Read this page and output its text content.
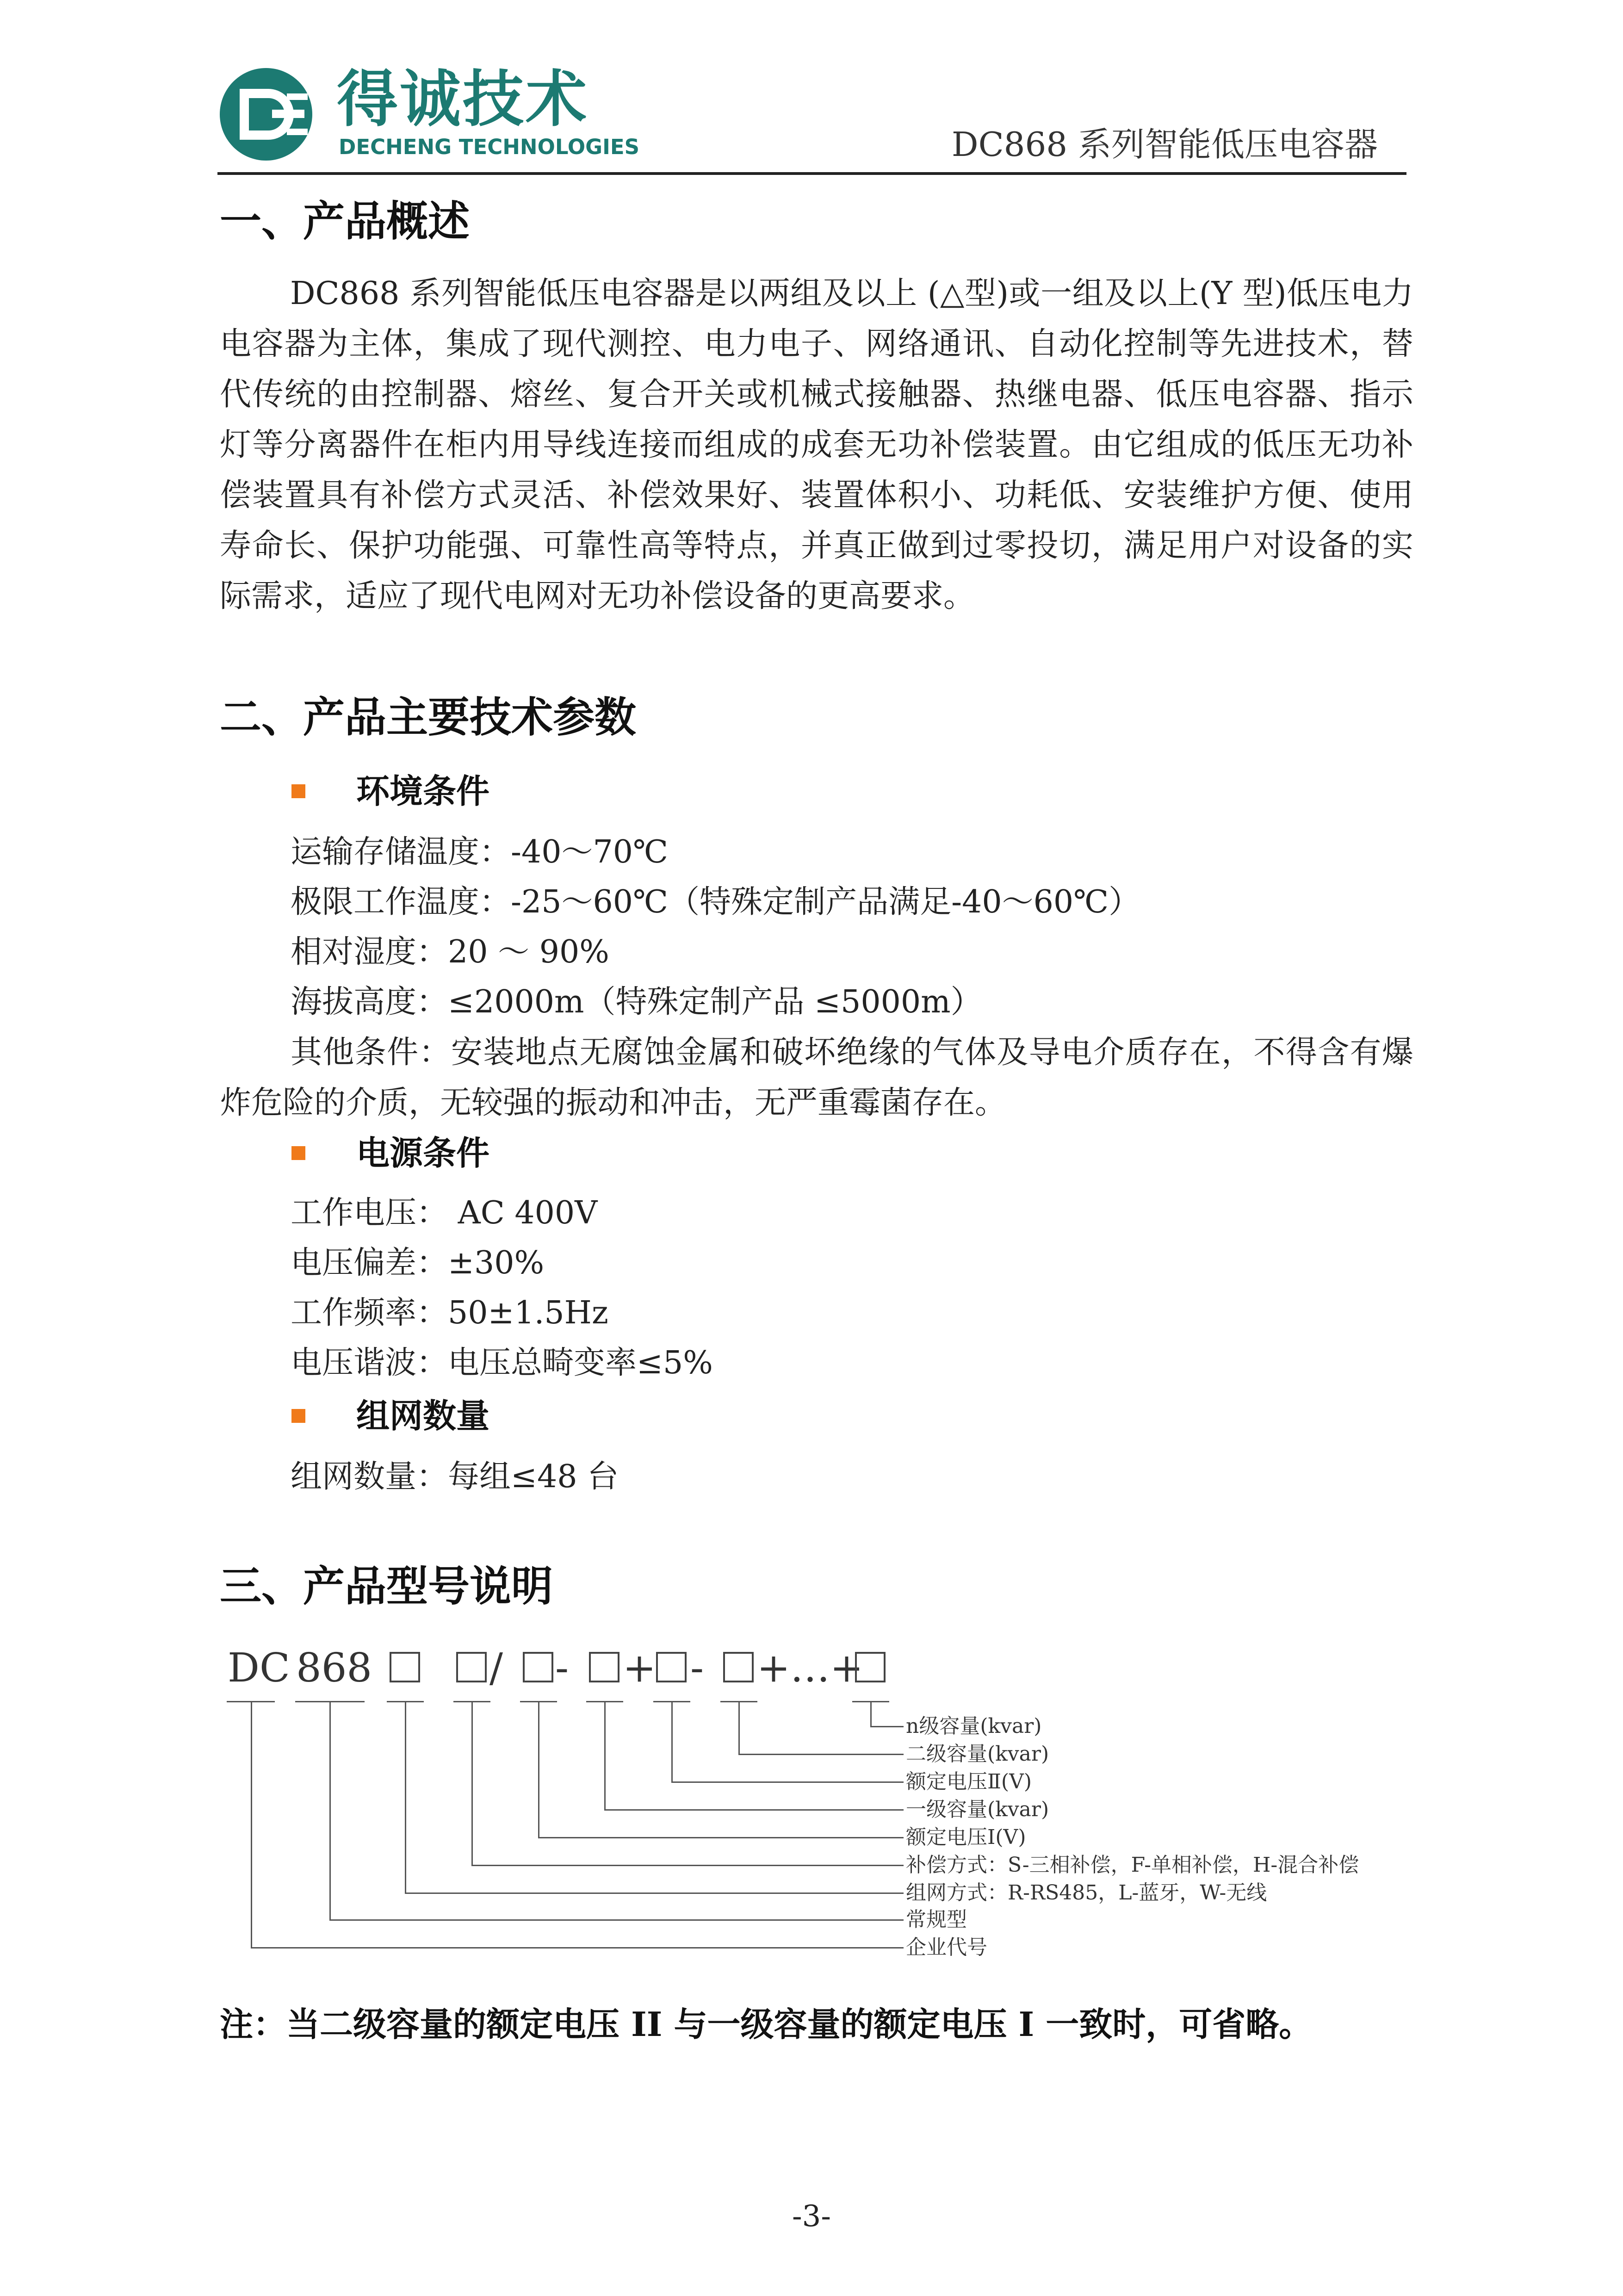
得诚技术
DECHENG TECHNOLOGIES	DC868 系列智能低压电容器
一、产品概述
DC868 系列智能低压电容器是以两组及以上 (△型)或一组及以上(Y 型)低压电力电容器为主体，集成了现代测控、电力电子、网络通讯、自动化控制等先进技术，替代传统的由控制器、熔丝、复合开关或机械式接触器、热继电器、低压电容器、指示灯等分离器件在柜内用导线连接而组成的成套无功补偿装置。由它组成的低压无功补偿装置具有补偿方式灵活、补偿效果好、装置体积小、功耗低、安装维护方便、使用寿命长、保护功能强、可靠性高等特点，并真正做到过零投切，满足用户对设备的实际需求，适应了现代电网对无功补偿设备的更高要求。
二、产品主要技术参数
环境条件
运输存储温度：-40～70℃
极限工作温度：-25～60℃（特殊定制产品满足-40～60℃）
相对湿度：20 ～ 90%
海拔高度：≤2000m（特殊定制产品 ≤5000m）
其他条件：安装地点无腐蚀金属和破坏绝缘的气体及导电介质存在，不得含有爆炸危险的介质，无较强的振动和冲击，无严重霉菌存在。
电源条件
工作电压： AC 400V
电压偏差：±30%
工作频率：50±1.5Hz
电压谐波：电压总畸变率≤5%
组网数量
组网数量：每组≤48 台
三、产品型号说明
DC 868	/ - + - +…+
n级容量(kvar)
二级容量(kvar)
额定电压Ⅱ(V)
一级容量(kvar)
额定电压Ⅰ(V)
补偿方式：S-三相补偿，F-单相补偿，H-混合补偿
组网方式：R-RS485，L-蓝牙，W-无线
常规型
企业代号
注：当二级容量的额定电压 II 与一级容量的额定电压 I 一致时，可省略。
-3-
